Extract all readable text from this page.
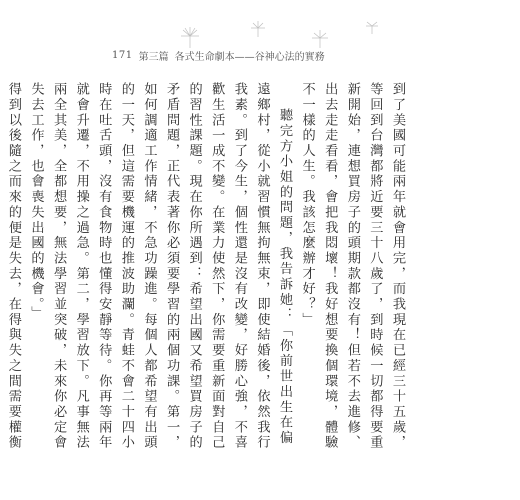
171 第三篇 各式生命劇本——谷神心法的實務

到了美國可能兩年就會用完，而我現在已經三十五歲，等回到台灣都將近要三十八歲了，到時候一切都得要重新開始，連想買房子的頭期款都沒有！但若不去進修、出去走走看看，會把我悶壞！我好想要換個環境，體驗不一樣的人生。我該怎麼辦才好？」

聽完方小姐的問題，我告訴她：「你前世出生在偏遠鄉村，從小就習慣無拘無束，即使結婚後，依然我行我素。到了今生，個性還是沒有改變，好勝心強，不喜歡生活一成不變。在業力使然下，你需要重新面對自己的習性課題。現在你所遇到：希望出國又希望買房子的矛盾問題，正代表著你必須要學習的兩個功課。第一，如何調適工作情緒，不急功躁進。每個人都希望有出頭的一天，但這需要機運的推波助瀾。青蛙不會二十四小時在吐舌頭，沒有食物時也懂得安靜等待。你再等兩年就會升遷，不用操之過急。第二，學習放下。凡事無法兩全其美，全都想要，無法學習並突破，未來你必定會失去工作，也會喪失出國的機會。」

得到以後隨之而來的便是失去，在得與失之間需要權衡
